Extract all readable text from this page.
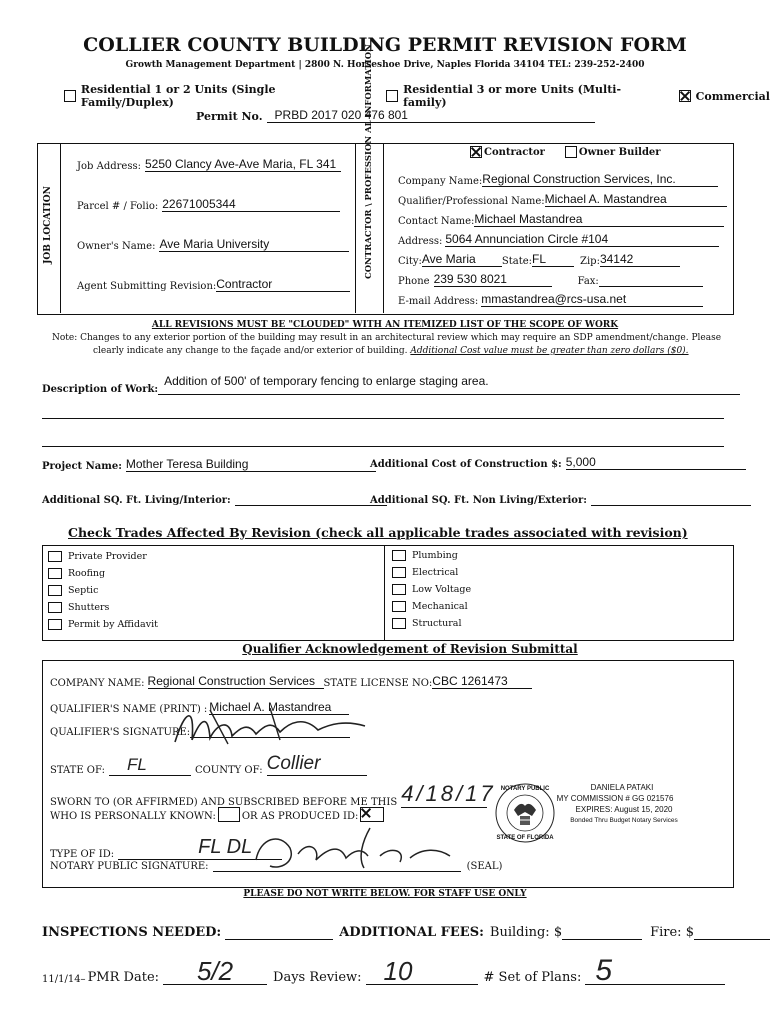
COLLIER COUNTY BUILDING PERMIT REVISION FORM
Growth Management Department | 2800 N. Horseshoe Drive, Naples Florida 34104 TEL: 239-252-2400
Residential 1 or 2 Units (Single Family/Duplex)
Residential 3 or more Units (Multi-family)	Commercial
Permit No.	PRBD 2017 020 476 801
JOB LOCATION	CONTRACTOR \ PROFESSION AL INFORMATION
Job Address: 5250 Clancy Ave-Ave Maria, FL 341
Parcel # / Folio: 22671005344
Owner's Name: Ave Maria University
Agent Submitting Revision: Contractor
Contractor	Owner Builder
Company Name: Regional Construction Services, Inc.
Qualifier/Professional Name: Michael A. Mastandrea
Contact Name: Michael Mastandrea
Address: 5064 Annunciation Circle #104
City: Ave Maria	State: FL	Zip: 34142
Phone 239 530 8021	Fax:
E-mail Address: mmastandrea@rcs-usa.net
ALL REVISIONS MUST BE "CLOUDED" WITH AN ITEMIZED LIST OF THE SCOPE OF WORK
Note: Changes to any exterior portion of the building may result in an architectural review which may require an SDP amendment/change. Please
clearly indicate any change to the façade and/or exterior of building. Additional Cost value must be greater than zero dollars ($0).
Description of Work:
Addition of 500' of temporary fencing to enlarge staging area.
Project Name: Mother Teresa Building	Additional Cost of Construction $: 5,000
Additional SQ. Ft. Living/Interior:	Additional SQ. Ft. Non Living/Exterior:
Check Trades Affected By Revision (check all applicable trades associated with revision)
Private Provider
Roofing
Septic
Shutters
Permit by Affidavit
Plumbing
Electrical
Low Voltage
Mechanical
Structural
Qualifier Acknowledgement of Revision Submittal
COMPANY NAME: Regional Construction Services STATE LICENSE NO: CBC 1261473
QUALIFIER'S NAME (PRINT) : Michael A. Mastandrea
QUALIFIER'S SIGNATURE:
STATE OF:	FL	COUNTY OF: Collier
SWORN TO (OR AFFIRMED) AND SUBSCRIBED BEFORE ME THIS 4/18/17
WHO IS PERSONALLY KNOWN:	OR AS PRODUCED ID:
TYPE OF ID:	FL DL
NOTARY PUBLIC SIGNATURE:	(SEAL)
NOTARY PUBLIC
STATE OF FLORIDA
DANIELA PATAKI
MY COMMISSION # GG 021576
EXPIRES: August 15, 2020
Bonded Thru Budget Notary Services
PLEASE DO NOT WRITE BELOW. FOR STAFF USE ONLY
INSPECTIONS NEEDED:	ADDITIONAL FEES: Building: $	Fire: $
11/1/14– PMR Date:	5/2	Days Review: 10	# Set of Plans: 5
